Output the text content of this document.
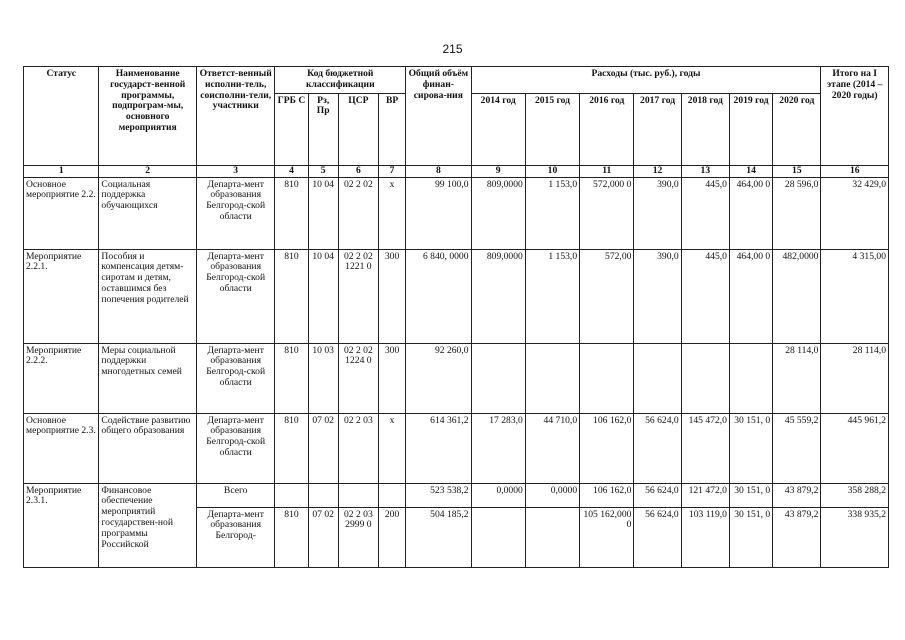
215
Статус	Наименование государст-венной программы, подпрограм-мы, основного мероприятия	Ответст-венный исполни-тель, соисполни-тели, участники	Код бюджетной классификации				Общий объём финан-сирова-ния	Расходы (тыс. руб.), годы							Итого на I этапе (2014 – 2020 годы)
			ГРБ С	Рз, Пр	ЦСР	ВР		2014 год	2015 год	2016 год	2017 год	2018 год	2019 год	2020 год	
1	2	3	4	5	6	7	8	9	10	11	12	13	14	15	16
Основное мероприятие 2.2.	Социальная поддержка обучающихся	Департа-мент образования Белгород-ской области	810	10 04	02 2 02	х	99 100,0	809,0000	1 153,0	572,000 0	390,0	445,0	464,00 0	28 596,0	32 429,0
Мероприятие 2.2.1.	Пособия и компенсация детям-сиротам и детям, оставшимся без попечения родителей	Департа-мент образования Белгород-ской области	810	10 04	02 2 02 1221 0	300	6 840, 0000	809,0000	1 153,0	572,00	390,0	445,0	464,00 0	482,0000	4 315,00
Мероприятие 2.2.2.	Меры социальной поддержки многодетных семей	Департа-мент образования Белгород-ской области	810	10 03	02 2 02 1224 0	300	92 260,0							28 114,0	28 114,0
Основное мероприятие 2.3.	Содействие развитию общего образования	Департа-мент образования Белгород-ской области	810	07 02	02 2 03	х	614 361,2	17 283,0	44 710,0	106 162,0	56 624,0	145 472,0	30 151, 0	45 559,2	445 961,2
Мероприятие 2.3.1.	Финансовое обеспечение мероприятий государствен-ной программы Российской	Всего					523 538,2	0,0000	0,0000	106 162,0	56 624,0	121 472,0	30 151, 0	43 879,2	358 288,2
		Департа-мент образования Белгород-	810	07 02	02 2 03 2999 0	200	504 185,2			105 162,000 0	56 624,0	103 119,0	30 151, 0	43 879,2	338 935,2
